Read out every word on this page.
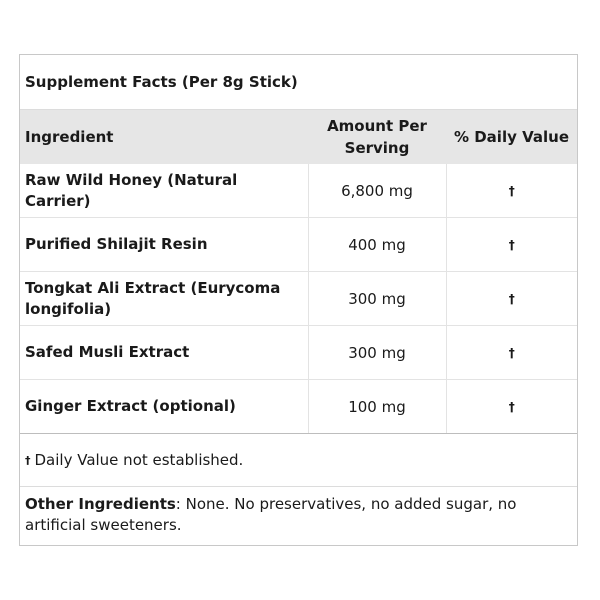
Supplement Facts (Per 8g Stick)
Ingredient	Amount Per Serving	% Daily Value
Raw Wild Honey (Natural Carrier)	6,800 mg	†
Purified Shilajit Resin	400 mg	†
Tongkat Ali Extract (Eurycoma longifolia)	300 mg	†
Safed Musli Extract	300 mg	†
Ginger Extract (optional)	100 mg	†
† Daily Value not established.
Other Ingredients: None. No preservatives, no added sugar, no artificial sweeteners.
